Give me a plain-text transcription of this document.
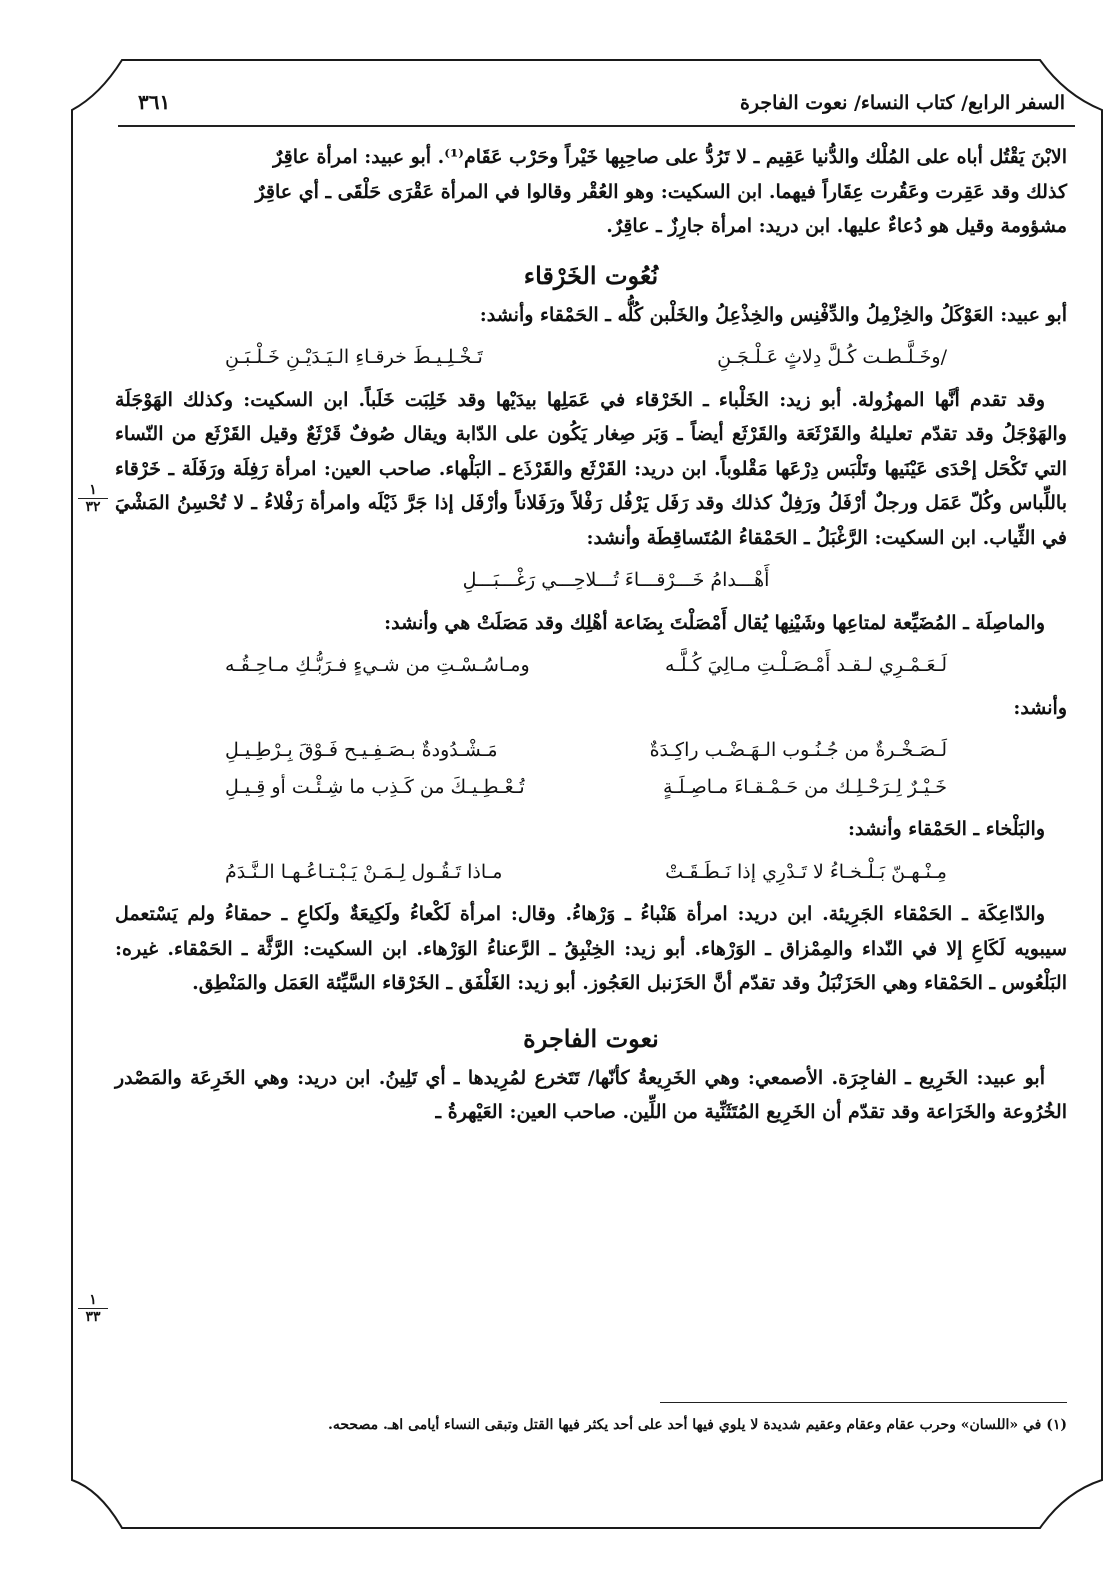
٣٦١	السفر الرابع/ كتاب النساء/ نعوت الفاجرة
١
٣٢
١
٣٣

الابْنَ يَقْتُل أباه على المُلْك والدُّنيا عَقِيم ـ لا تَرُدُّ على صاحِبِها خَيْراً وحَرْب عَقَام⁽¹⁾. أبو عبيد: امرأة عاقِرٌ

كذلك وقد عَقِرت وعَقُرت عِقَاراً فيهما. ابن السكيت: وهو العُقْر وقالوا في المرأة عَقْرَى حَلْقَى ـ أي عاقِرٌ

مشؤومة وقيل هو دُعاءٌ عليها. ابن دريد: امرأة جارِزٌ ـ عاقِرٌ.

نُعُوت الخَرْقاء

أبو عبيد: العَوْكَلُ والخِزْمِلُ والدِّفْنِس والخِذْعِلُ والخَلْبن كُلُّه ـ الحَمْقاء وأنشد:

/وخَـلَّـطـت كُـلَّ دِلاثٍ عَـلْـجَـنِ
تَـخْـلِـيـطَ خرقـاءِ الـيَـدَيْـنِ خَـلْـبَـنِ

وقد تقدم أنَّها المهزُولة. أبو زيد: الخَلْباء ـ الخَرْقاء في عَمَلِها بيدَيْها وقد خَلِبَت خَلَباً. ابن السكيت: وكذلك الهَوْجَلَة والهَوْجَلُ وقد تقدّم تعليلهُ والقَرْثَعَة والقَرْثَع أيضاً ـ وَبَر صِغار يَكُون على الدّابة ويقال صُوفٌ قَرْثَعٌ وقيل القَرْثَع من النّساء التي تَكْحَل إحْدَى عَيْنَيها وتَلْبَس دِرْعَها مَقْلوباً. ابن دريد: القَرْثَع والقَرْذَع ـ البَلْهاء. صاحب العين: امرأة رَفِلَة ورَفَلَة ـ خَرْقاء باللِّباس وكُلّ عَمَل ورجلٌ أرْفَلُ ورَفِلٌ كذلك وقد رَفَل يَرْفُل رَفْلاً ورَفَلاناً وأرْفَل إذا جَرَّ ذَيْلَه وامرأة رَفْلاءُ ـ لا تُحْسِنُ المَشْيَ في الثِّياب. ابن السكيت: الرَّغْبَلُ ـ الحَمْقاءُ المُتَساقِطَة وأنشد:

أَهْـــدامُ خَـــرْقـــاءَ تُـــلاحِـــي رَغْـــبَـــلِ

والماصِلَة ـ المُضَيِّعة لمتاعِها وشَيْنِها يُقال أَمْصَلْتَ بِضَاعة أهْلِك وقد مَصَلَتْ هي وأنشد:

لَـعَـمْـرِي لـقـد أَمْـصَـلْـتِ مـالِيَ كُـلَّـه
ومـاسُـسْـتِ من شـيءٍ فـرَبُّـكِ مـاحِـقُـه

وأنشد:

لَـصَـخْـرةٌ من جُـنُـوب الـهَـضْـب راكِـدَةٌ
مَـشْـدُودةٌ بـصَـفِـيـح فَـوْقَ بِـرْطِـيـلِ
خَـيْـرٌ لِـرَحْـلِـك من حَـمْـقـاءَ مـاصِـلَـةٍ
تُـعْـطِـيـكَ من كَـذِب ما شِـئْـت أو قِـيـلِ

والبَلْخاء ـ الحَمْقاء وأنشد:

مِـنْـهـنّ بَـلْـخـاءُ لا تَـدْرِي إذا نَـطَـقَـتْ
مـاذا تَـقُـول لِـمَـنْ يَـبْـتـاعُـهـا الـنَّـدَمُ

والدّاعِكَة ـ الحَمْقاء الجَرِيئة. ابن دريد: امرأة هَنْباءُ ـ وَرْهاءُ. وقال: امرأة لَكْعاءُ ولَكِيعَةٌ ولَكاعِ ـ حمقاءُ ولم يَسْتعمل سيبويه لَكَاعِ إلا في النّداء والمِمْزاق ـ الوَرْهاء. أبو زيد: الخِنْبِقُ ـ الرَّعناءُ الوَرْهاء. ابن السكيت: الرَّثَّة ـ الحَمْقاء. غيره: البَلْعُوس ـ الحَمْقاء وهي الحَزَنْبَلُ وقد تقدّم أنَّ الحَزَنبل العَجُوز. أبو زيد: الغَلْفَق ـ الخَرْقاء السَّيِّئة العَمَل والمَنْطِق.

نعوت الفاجرة

أبو عبيد: الخَرِيع ـ الفاجِرَة. الأصمعي: وهي الخَرِيعةُ كأنّها/ تَتَخرع لمُرِيدها ـ أي تَلِينُ. ابن دريد: وهي الخَرِعَة والمَصْدر الخُرُوعة والخَرَاعة وقد تقدّم أن الخَرِيع المُتَثَنِّية من اللِّين. صاحب العين: العَيْهرةُ ـ

(١) في «اللسان» وحرب عقام وعقام وعقيم شديدة لا يلوي فيها أحد على أحد يكثر فيها القتل وتبقى النساء أيامى اهـ. مصححه.
